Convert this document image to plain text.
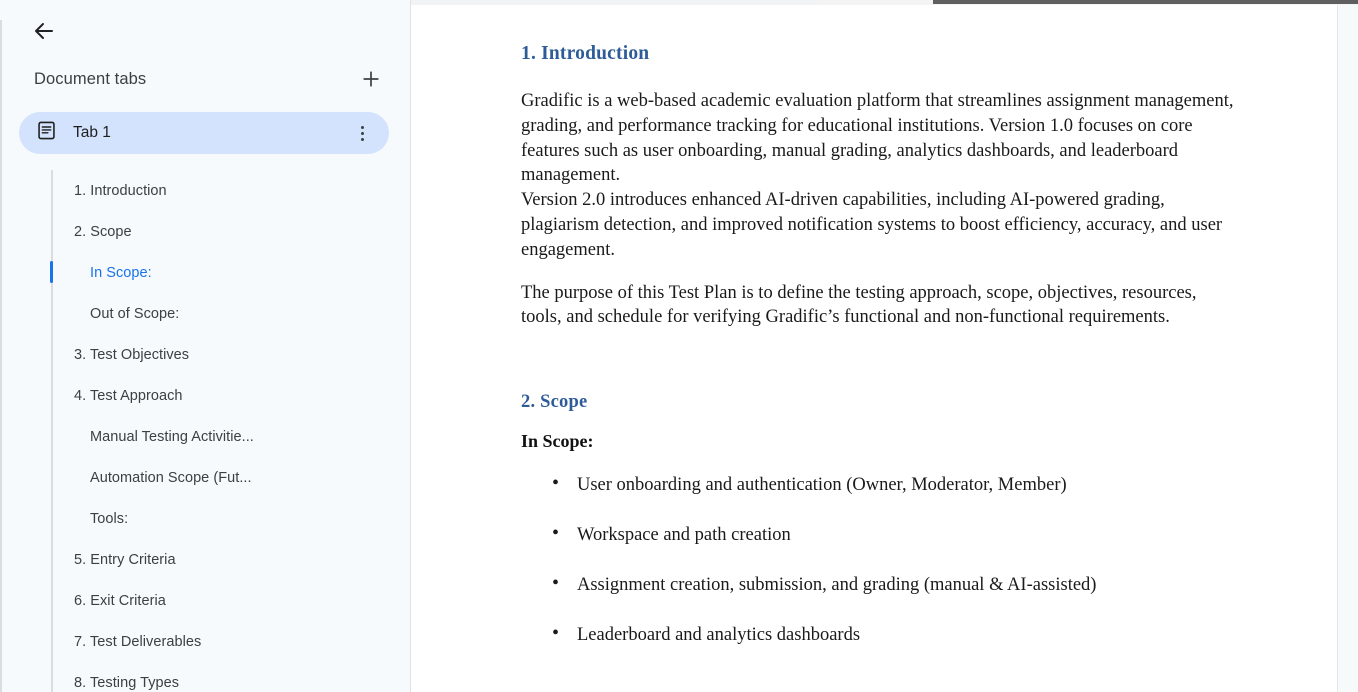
Document tabs
Tab 1
1. Introduction
2. Scope
In Scope:
Out of Scope:
3. Test Objectives
4. Test Approach
Manual Testing Activitie...
Automation Scope (Fut...
Tools:
5. Entry Criteria
6. Exit Criteria
7. Test Deliverables
8. Testing Types
1. Introduction

Gradific is a web-based academic evaluation platform that streamlines assignment management, grading, and performance tracking for educational institutions. Version 1.0 focuses on core features such as user onboarding, manual grading, analytics dashboards, and leaderboard management.

Version 2.0 introduces enhanced AI-driven capabilities, including AI-powered grading, plagiarism detection, and improved notification systems to boost efficiency, accuracy, and user engagement.

The purpose of this Test Plan is to define the testing approach, scope, objectives, resources, tools, and schedule for verifying Gradific’s functional and non-functional requirements.

2. Scope
In Scope:
• User onboarding and authentication (Owner, Moderator, Member)
• Workspace and path creation
• Assignment creation, submission, and grading (manual & AI-assisted)
• Leaderboard and analytics dashboards
